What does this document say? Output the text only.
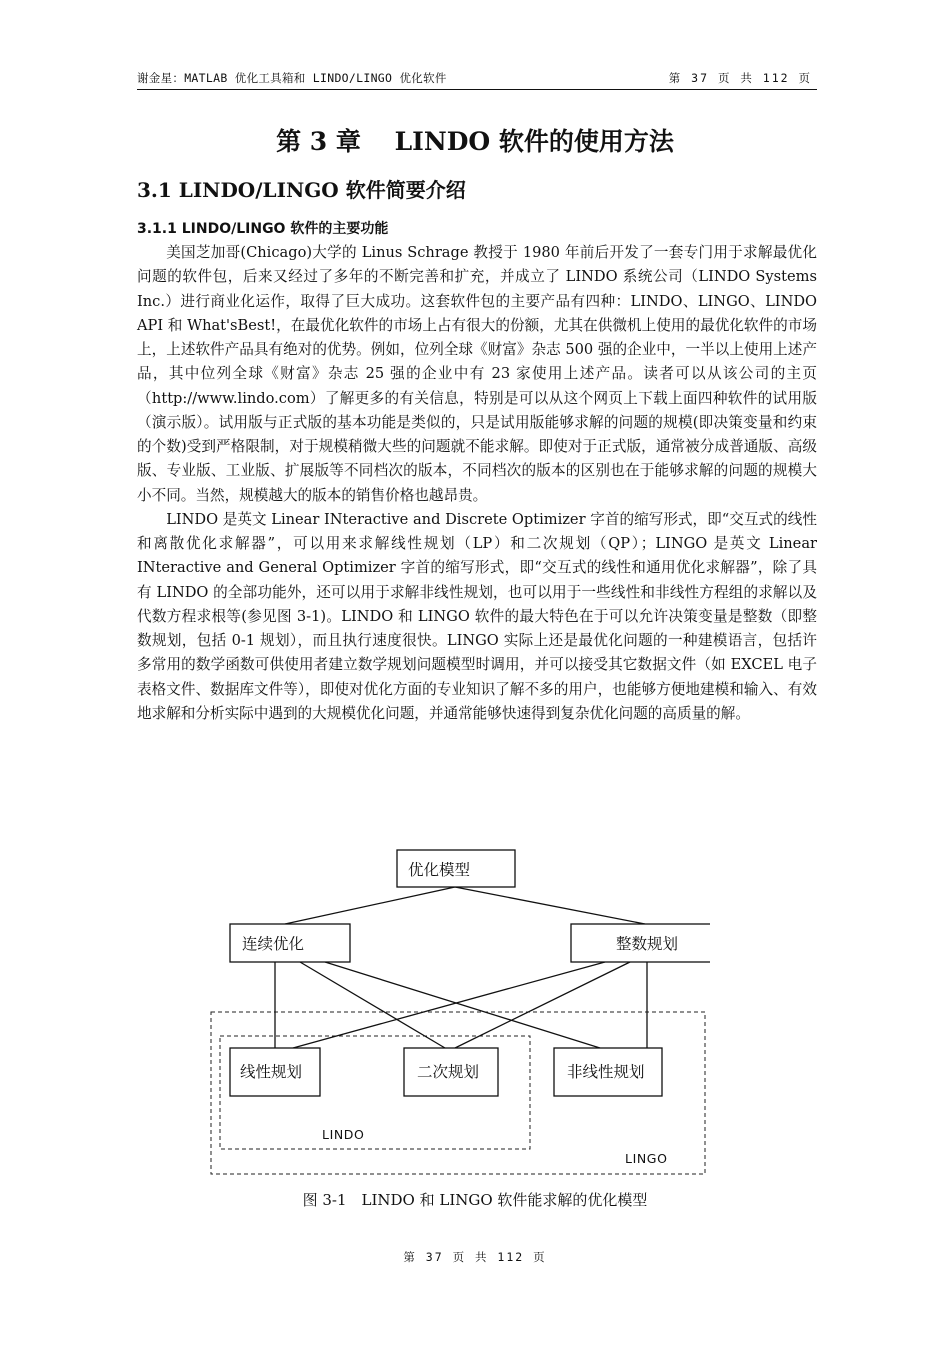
谢金星：MATLAB 优化工具箱和 LINDO/LINGO 优化软件	第 37 页 共 112 页
第 3 章　 LINDO 软件的使用方法
3.1 LINDO/LINGO 软件简要介绍
3.1.1 LINDO/LINGO 软件的主要功能

美国芝加哥(Chicago)大学的 Linus Schrage 教授于 1980 年前后开发了一套专门用于求解最优化问题的软件包，后来又经过了多年的不断完善和扩充，并成立了 LINDO 系统公司（LINDO Systems Inc.）进行商业化运作，取得了巨大成功。这套软件包的主要产品有四种：LINDO、LINGO、LINDO API 和 What'sBest!，在最优化软件的市场上占有很大的份额，尤其在供微机上使用的最优化软件的市场上，上述软件产品具有绝对的优势。例如，位列全球《财富》杂志 500 强的企业中，一半以上使用上述产品，其中位列全球《财富》杂志 25 强的企业中有 23 家使用上述产品。读者可以从该公司的主页（http://www.lindo.com）了解更多的有关信息，特别是可以从这个网页上下载上面四种软件的试用版（演示版）。试用版与正式版的基本功能是类似的，只是试用版能够求解的问题的规模(即决策变量和约束的个数)受到严格限制，对于规模稍微大些的问题就不能求解。即使对于正式版，通常被分成普通版、高级版、专业版、工业版、扩展版等不同档次的版本，不同档次的版本的区别也在于能够求解的问题的规模大小不同。当然，规模越大的版本的销售价格也越昂贵。

LINDO 是英文 Linear INteractive and Discrete Optimizer 字首的缩写形式，即“交互式的线性和离散优化求解器”，可以用来求解线性规划（LP）和二次规划（QP）；LINGO 是英文 Linear INteractive and General Optimizer 字首的缩写形式，即“交互式的线性和通用优化求解器”，除了具有 LINDO 的全部功能外，还可以用于求解非线性规划，也可以用于一些线性和非线性方程组的求解以及代数方程求根等(参见图 3-1)。LINDO 和 LINGO 软件的最大特色在于可以允许决策变量是整数（即整数规划，包括 0-1 规划），而且执行速度很快。LINGO 实际上还是最优化问题的一种建模语言，包括许多常用的数学函数可供使用者建立数学规划问题模型时调用，并可以接受其它数据文件（如 EXCEL 电子表格文件、数据库文件等），即使对优化方面的专业知识了解不多的用户，也能够方便地建模和输入、有效地求解和分析实际中遇到的大规模优化问题，并通常能够快速得到复杂优化问题的高质量的解。

优化模型
连续优化	整数规划
线性规划	二次规划	非线性规划
LINDO
LINGO
图 3-1　LINDO 和 LINGO 软件能求解的优化模型
第 37 页 共 112 页
